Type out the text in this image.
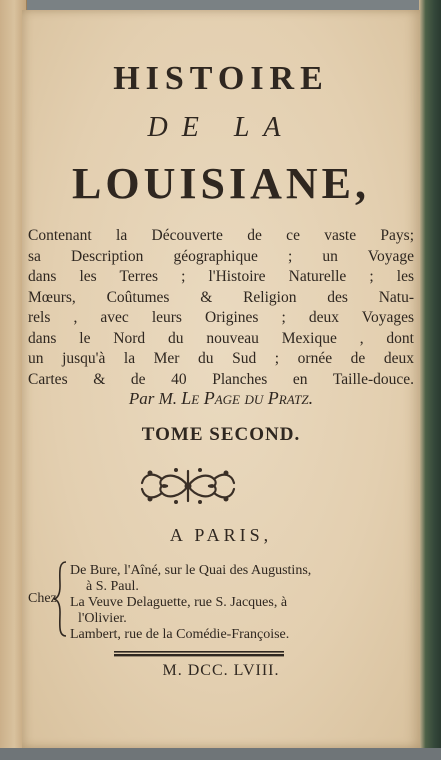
HISTOIRE
DE LA
LOUISIANE,
Contenant la Découverte de ce vaste Pays;
sa Description géographique ; un Voyage
dans les Terres ; l'Histoire Naturelle ; les
Mœurs, Coûtumes & Religion des Natu-
rels , avec leurs Origines ; deux Voyages
dans le Nord du nouveau Mexique , dont
un jusqu'à la Mer du Sud ; ornée de deux
Cartes & de 40 Planches en Taille-douce.
Par M. Le Page du Pratz.
TOME SECOND.
A PARIS,
Chez
De Bure, l'Aîné, sur le Quai des Augustins,
à S. Paul.
La Veuve Delaguette, rue S. Jacques, à
l'Olivier.
Lambert, rue de la Comédie-Françoise.
M. DCC. LVIII.
